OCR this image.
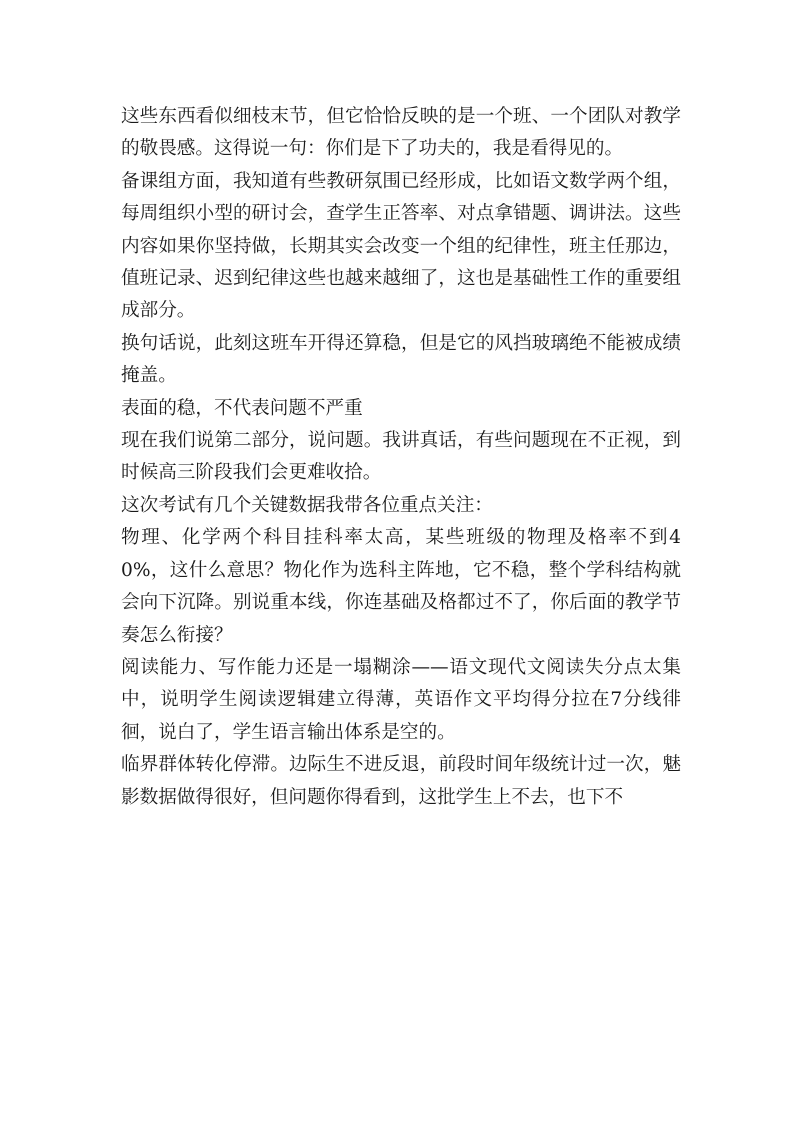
这些东西看似细枝末节，但它恰恰反映的是一个班、一个团队对教学的敬畏感。这得说一句：你们是下了功夫的，我是看得见的。

备课组方面，我知道有些教研氛围已经形成，比如语文数学两个组，每周组织小型的研讨会，查学生正答率、对点拿错题、调讲法。这些内容如果你坚持做，长期其实会改变一个组的纪律性，班主任那边，值班记录、迟到纪律这些也越来越细了，这也是基础性工作的重要组成部分。

换句话说，此刻这班车开得还算稳，但是它的风挡玻璃绝不能被成绩掩盖。

表面的稳，不代表问题不严重

现在我们说第二部分，说问题。我讲真话，有些问题现在不正视，到时候高三阶段我们会更难收拾。

这次考试有几个关键数据我带各位重点关注：

物理、化学两个科目挂科率太高，某些班级的物理及格率不到40%，这什么意思？物化作为选科主阵地，它不稳，整个学科结构就会向下沉降。别说重本线，你连基础及格都过不了，你后面的教学节奏怎么衔接？

阅读能力、写作能力还是一塌糊涂——语文现代文阅读失分点太集中，说明学生阅读逻辑建立得薄，英语作文平均得分拉在7分线徘徊，说白了，学生语言输出体系是空的。

临界群体转化停滞。边际生不进反退，前段时间年级统计过一次，魅影数据做得很好，但问题你得看到，这批学生上不去，也下不
